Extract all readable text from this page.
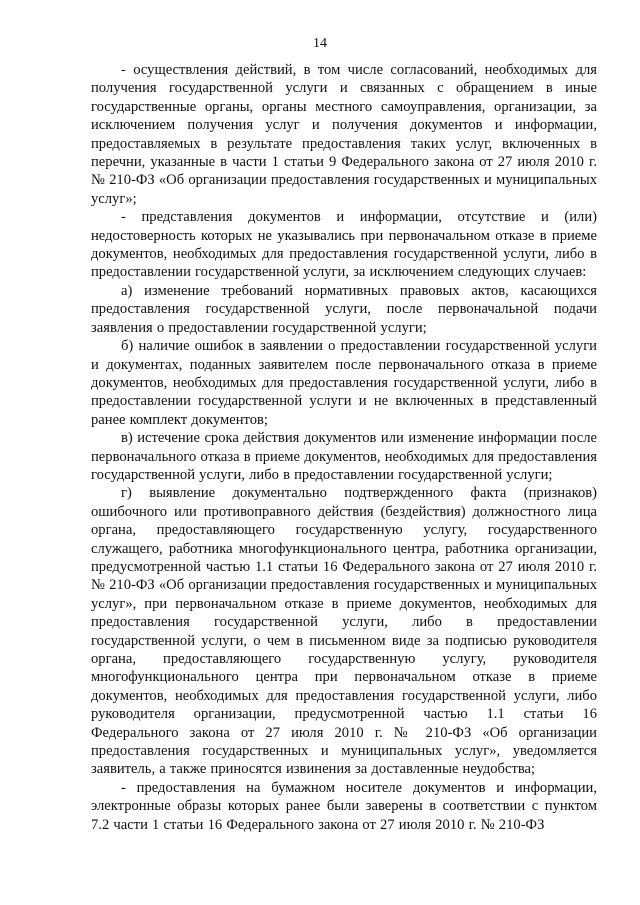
14

- осуществления действий, в том числе согласований, необходимых для получения государственной услуги и связанных с обращением в иные государственные органы, органы местного самоуправления, организации, за исключением получения услуг и получения документов и информации, предоставляемых в результате предоставления таких услуг, включенных в перечни, указанные в части 1 статьи 9 Федерального закона от 27 июля 2010 г. № 210-ФЗ «Об организации предоставления государственных и муниципальных услуг»;

- представления документов и информации, отсутствие и (или) недостоверность которых не указывались при первоначальном отказе в приеме документов, необходимых для предоставления государственной услуги, либо в предоставлении государственной услуги, за исключением следующих случаев:

а) изменение требований нормативных правовых актов, касающихся предоставления государственной услуги, после первоначальной подачи заявления о предоставлении государственной услуги;

б) наличие ошибок в заявлении о предоставлении государственной услуги и документах, поданных заявителем после первоначального отказа в приеме документов, необходимых для предоставления государственной услуги, либо в предоставлении государственной услуги и не включенных в представленный ранее комплект документов;

в) истечение срока действия документов или изменение информации после первоначального отказа в приеме документов, необходимых для предоставления государственной услуги, либо в предоставлении государственной услуги;

г) выявление документально подтвержденного факта (признаков) ошибочного или противоправного действия (бездействия) должностного лица органа, предоставляющего государственную услугу, государственного служащего, работника многофункционального центра, работника организации, предусмотренной частью 1.1 статьи 16 Федерального закона от 27 июля 2010 г. № 210-ФЗ «Об организации предоставления государственных и муниципальных услуг», при первоначальном отказе в приеме документов, необходимых для предоставления государственной услуги, либо в предоставлении государственной услуги, о чем в письменном виде за подписью руководителя органа, предоставляющего государственную услугу, руководителя многофункционального центра при первоначальном отказе в приеме документов, необходимых для предоставления государственной услуги, либо руководителя организации, предусмотренной частью 1.1 статьи 16 Федерального закона от 27 июля 2010 г. № 210-ФЗ «Об организации предоставления государственных и муниципальных услуг», уведомляется заявитель, а также приносятся извинения за доставленные неудобства;

- предоставления на бумажном носителе документов и информации, электронные образы которых ранее были заверены в соответствии с пунктом 7.2 части 1 статьи 16 Федерального закона от 27 июля 2010 г. № 210-ФЗ
